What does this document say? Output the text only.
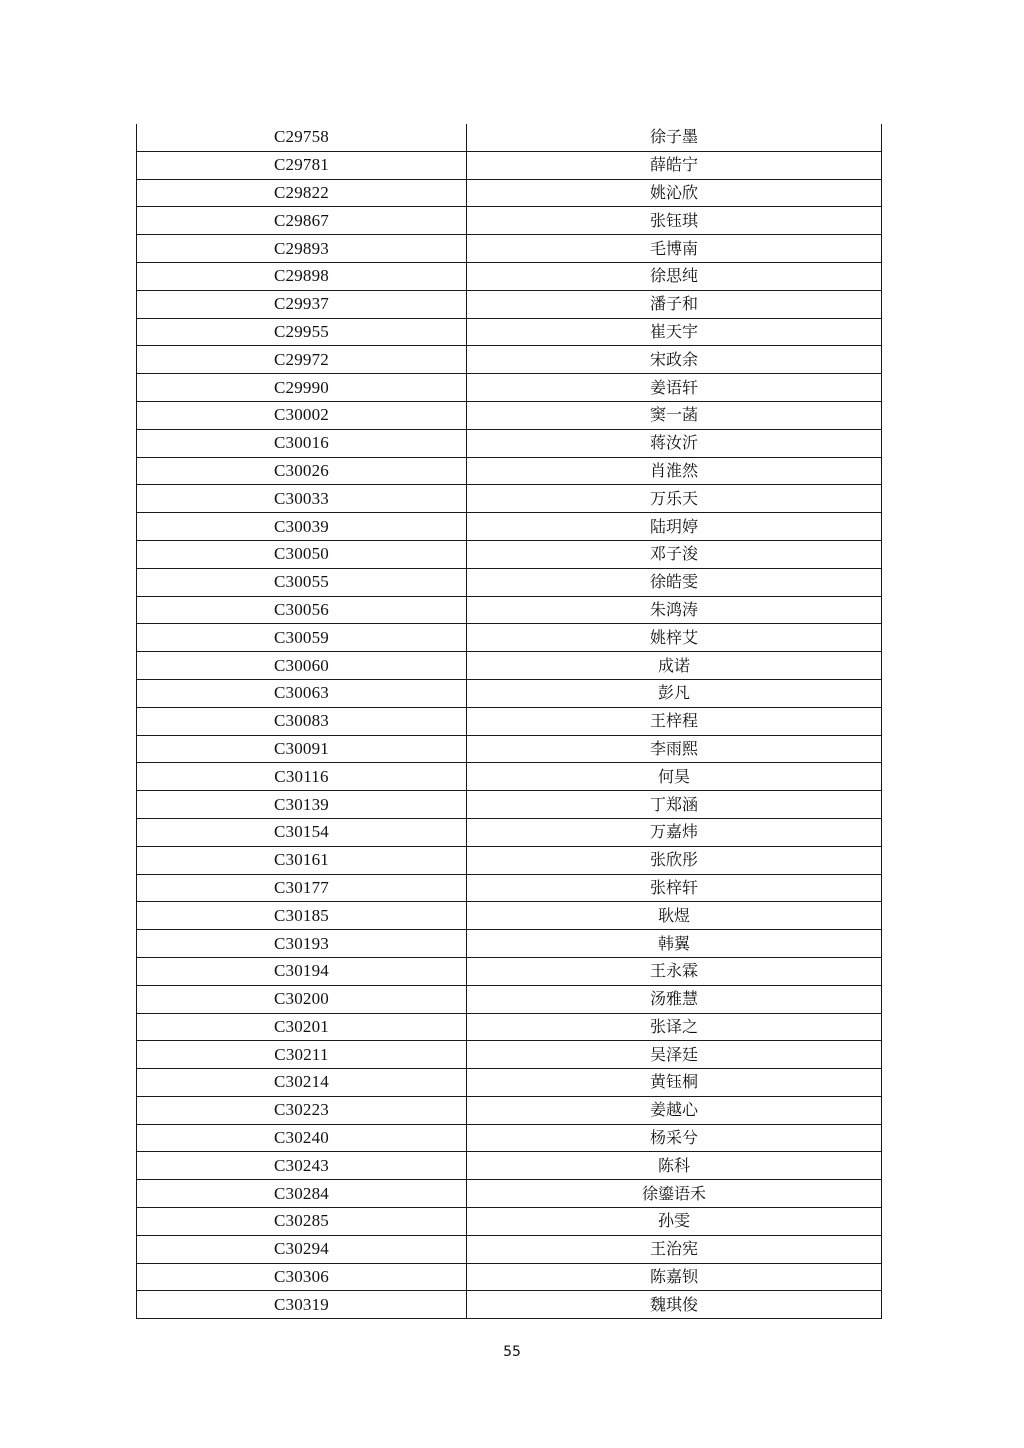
C29758	徐子墨
C29781	薛皓宁
C29822	姚沁欣
C29867	张钰琪
C29893	毛博南
C29898	徐思纯
C29937	潘子和
C29955	崔天宇
C29972	宋政余
C29990	姜语轩
C30002	窦一菡
C30016	蒋汝沂
C30026	肖淮然
C30033	万乐天
C30039	陆玥婷
C30050	邓子浚
C30055	徐皓雯
C30056	朱鸿涛
C30059	姚梓艾
C30060	成诺
C30063	彭凡
C30083	王梓程
C30091	李雨熙
C30116	何昊
C30139	丁郑涵
C30154	万嘉炜
C30161	张欣彤
C30177	张梓轩
C30185	耿煜
C30193	韩翼
C30194	王永霖
C30200	汤雅慧
C30201	张译之
C30211	吴泽廷
C30214	黄钰桐
C30223	姜越心
C30240	杨采兮
C30243	陈科
C30284	徐鎏语禾
C30285	孙雯
C30294	王治宪
C30306	陈嘉钡
C30319	魏琪俊
55
